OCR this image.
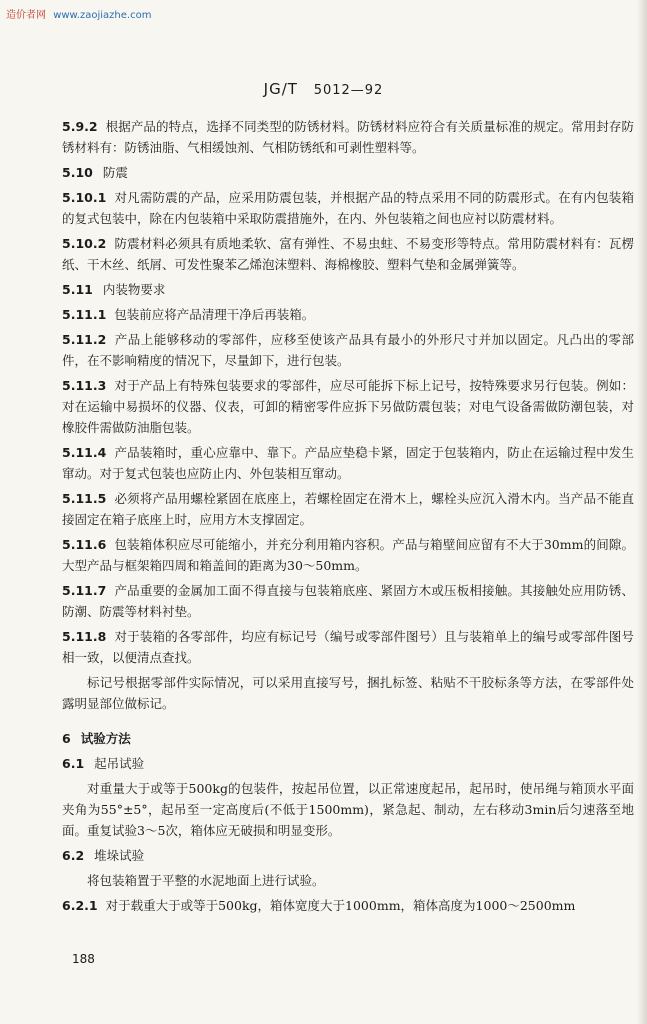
造价者网 www.zaojiazhe.com
JG/T 5012—92

5.9.2 根据产品的特点，选择不同类型的防锈材料。防锈材料应符合有关质量标准的规定。常用封存防锈材料有：防锈油脂、气相缓蚀剂、气相防锈纸和可剥性塑料等。

5.10 防震

5.10.1 对凡需防震的产品，应采用防震包装，并根据产品的特点采用不同的防震形式。在有内包装箱的复式包装中，除在内包装箱中采取防震措施外，在内、外包装箱之间也应衬以防震材料。

5.10.2 防震材料必须具有质地柔软、富有弹性、不易虫蛀、不易变形等特点。常用防震材料有：瓦楞纸、干木丝、纸屑、可发性聚苯乙烯泡沫塑料、海棉橡胶、塑料气垫和金属弹簧等。

5.11 内装物要求

5.11.1 包装前应将产品清理干净后再装箱。

5.11.2 产品上能够移动的零部件，应移至使该产品具有最小的外形尺寸并加以固定。凡凸出的零部件，在不影响精度的情况下，尽量卸下，进行包装。

5.11.3 对于产品上有特殊包装要求的零部件，应尽可能拆下标上记号，按特殊要求另行包装。例如：对在运输中易损坏的仪器、仪表，可卸的精密零件应拆下另做防震包装；对电气设备需做防潮包装，对橡胶件需做防油脂包装。

5.11.4 产品装箱时，重心应靠中、靠下。产品应垫稳卡紧，固定于包装箱内，防止在运输过程中发生窜动。对于复式包装也应防止内、外包装相互窜动。

5.11.5 必须将产品用螺栓紧固在底座上，若螺栓固定在滑木上，螺栓头应沉入滑木内。当产品不能直接固定在箱子底座上时，应用方木支撑固定。

5.11.6 包装箱体积应尽可能缩小，并充分利用箱内容积。产品与箱壁间应留有不大于30mm的间隙。大型产品与框架箱四周和箱盖间的距离为30～50mm。

5.11.7 产品重要的金属加工面不得直接与包装箱底座、紧固方木或压板相接触。其接触处应用防锈、防潮、防震等材料衬垫。

5.11.8 对于装箱的各零部件，均应有标记号（编号或零部件图号）且与装箱单上的编号或零部件图号相一致，以便清点查找。

标记号根据零部件实际情况，可以采用直接写号，捆扎标签、粘贴不干胶标条等方法，在零部件处露明显部位做标记。

6 试验方法

6.1 起吊试验

对重量大于或等于500kg的包装件，按起吊位置，以正常速度起吊，起吊时，使吊绳与箱顶水平面夹角为55°±5°，起吊至一定高度后(不低于1500mm)，紧急起、制动，左右移动3min后匀速落至地面。重复试验3～5次，箱体应无破损和明显变形。

6.2 堆垛试验

将包装箱置于平整的水泥地面上进行试验。

6.2.1 对于载重大于或等于500kg，箱体宽度大于1000mm，箱体高度为1000～2500mm

188
